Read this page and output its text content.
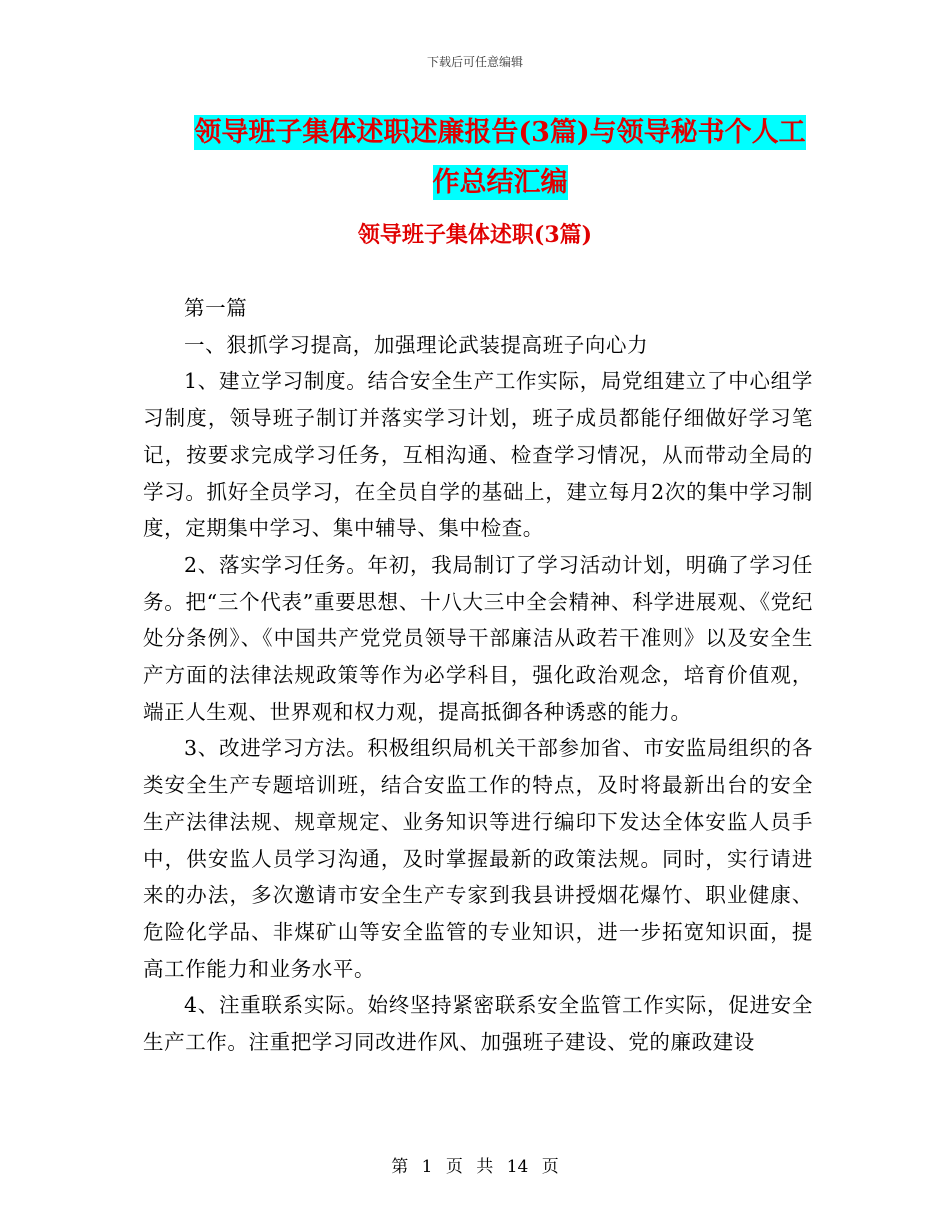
下载后可任意编辑
领导班子集体述职述廉报告(3篇)与领导秘书个人工
作总结汇编
领导班子集体述职(3篇)

第一篇

一、狠抓学习提高，加强理论武装提高班子向心力

1、建立学习制度。结合安全生产工作实际，局党组建立了中心组学习制度，领导班子制订并落实学习计划，班子成员都能仔细做好学习笔记，按要求完成学习任务，互相沟通、检查学习情况，从而带动全局的学习。抓好全员学习，在全员自学的基础上，建立每月2次的集中学习制度，定期集中学习、集中辅导、集中检查。

2、落实学习任务。年初，我局制订了学习活动计划，明确了学习任务。把“三个代表”重要思想、十八大三中全会精神、科学进展观、《党纪处分条例》、《中国共产党党员领导干部廉洁从政若干准则》以及安全生产方面的法律法规政策等作为必学科目，强化政治观念，培育价值观，端正人生观、世界观和权力观，提高抵御各种诱惑的能力。

3、改进学习方法。积极组织局机关干部参加省、市安监局组织的各类安全生产专题培训班，结合安监工作的特点，及时将最新出台的安全生产法律法规、规章规定、业务知识等进行编印下发达全体安监人员手中，供安监人员学习沟通，及时掌握最新的政策法规。同时，实行请进来的办法，多次邀请市安全生产专家到我县讲授烟花爆竹、职业健康、危险化学品、非煤矿山等安全监管的专业知识，进一步拓宽知识面，提高工作能力和业务水平。

4、注重联系实际。始终坚持紧密联系安全监管工作实际，促进安全生产工作。注重把学习同改进作风、加强班子建设、党的廉政建设

第 1 页 共 14 页
